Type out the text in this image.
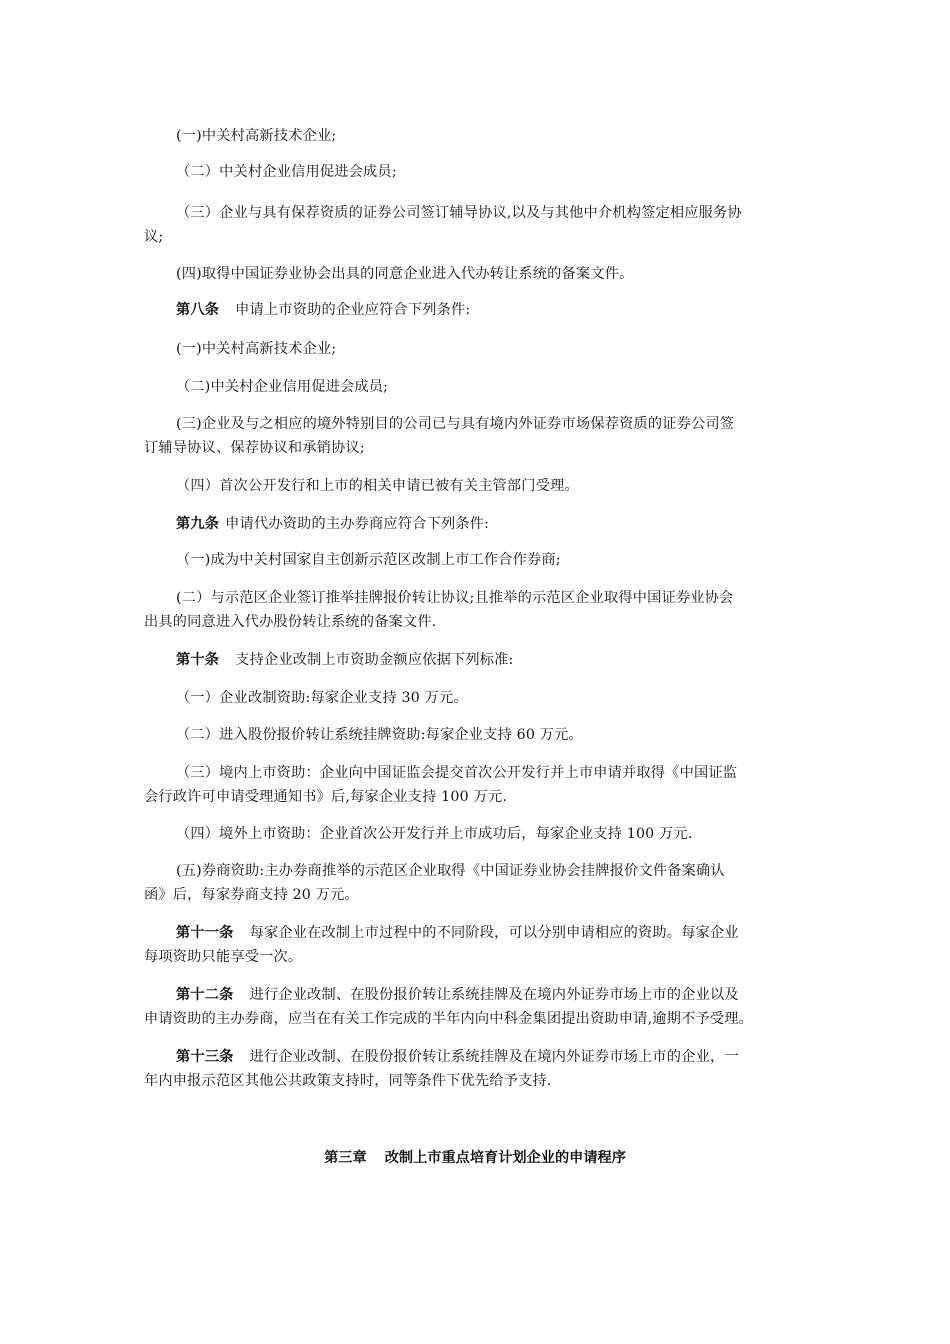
(一)中关村高新技术企业;
（二）中关村企业信用促进会成员;
（三）企业与具有保荐资质的证券公司签订辅导协议,以及与其他中介机构签定相应服务协
议;
(四)取得中国证券业协会出具的同意企业进入代办转让系统的备案文件。
第八条 申请上市资助的企业应符合下列条件:
(一)中关村高新技术企业;
（二)中关村企业信用促进会成员;
(三)企业及与之相应的境外特别目的公司已与具有境内外证券市场保荐资质的证券公司签
订辅导协议、保荐协议和承销协议;
（四）首次公开发行和上市的相关申请已被有关主管部门受理。
第九条 申请代办资助的主办券商应符合下列条件:
（一)成为中关村国家自主创新示范区改制上市工作合作券商;
(二）与示范区企业签订推举挂牌报价转让协议;且推举的示范区企业取得中国证券业协会
出具的同意进入代办股份转让系统的备案文件.
第十条 支持企业改制上市资助金额应依据下列标准:
（一）企业改制资助:每家企业支持 30 万元。
（二）进入股份报价转让系统挂牌资助:每家企业支持 60 万元。
（三）境内上市资助：企业向中国证监会提交首次公开发行并上市申请并取得《中国证监
会行政许可申请受理通知书》后,每家企业支持 100 万元.
（四）境外上市资助：企业首次公开发行并上市成功后，每家企业支持 100 万元.
(五)券商资助:主办券商推举的示范区企业取得《中国证券业协会挂牌报价文件备案确认
函》后，每家券商支持 20 万元。
第十一条 每家企业在改制上市过程中的不同阶段，可以分别申请相应的资助。每家企业
每项资助只能享受一次。
第十二条 进行企业改制、在股份报价转让系统挂牌及在境内外证券市场上市的企业以及
申请资助的主办券商，应当在有关工作完成的半年内向中科金集团提出资助申请,逾期不予受理。
第十三条 进行企业改制、在股份报价转让系统挂牌及在境内外证券市场上市的企业，一
年内申报示范区其他公共政策支持时，同等条件下优先给予支持.
第三章 改制上市重点培育计划企业的申请程序
